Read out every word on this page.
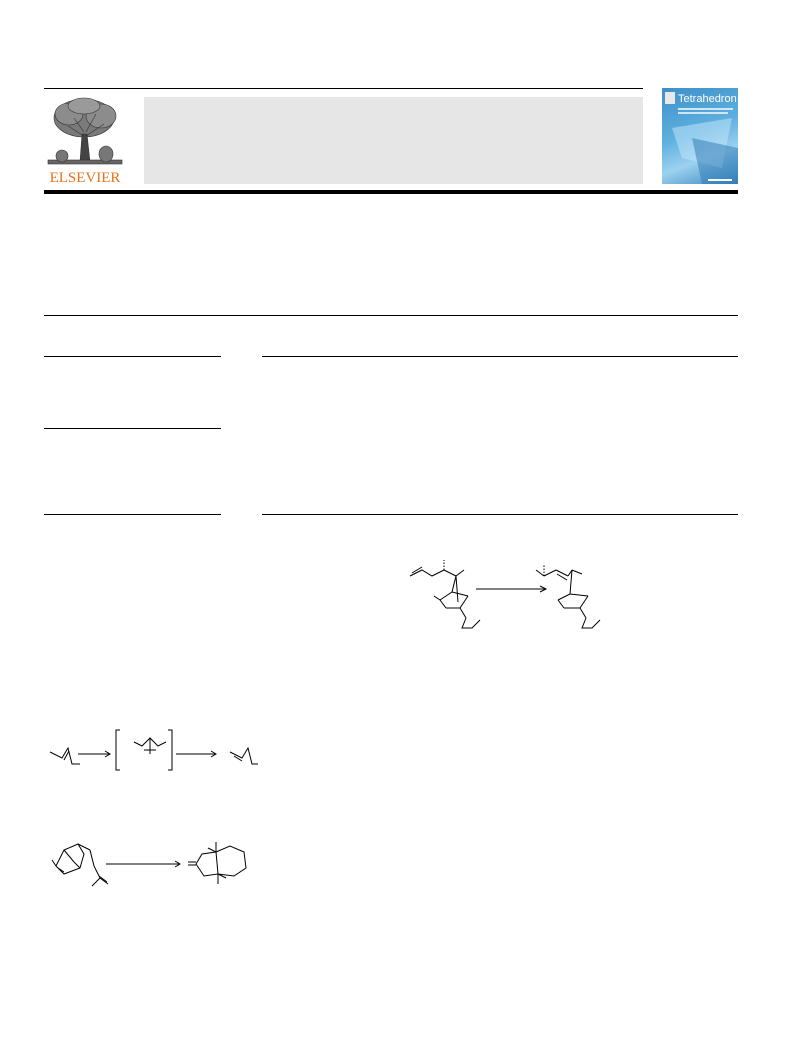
ELSEVIER
Tetrahedron
